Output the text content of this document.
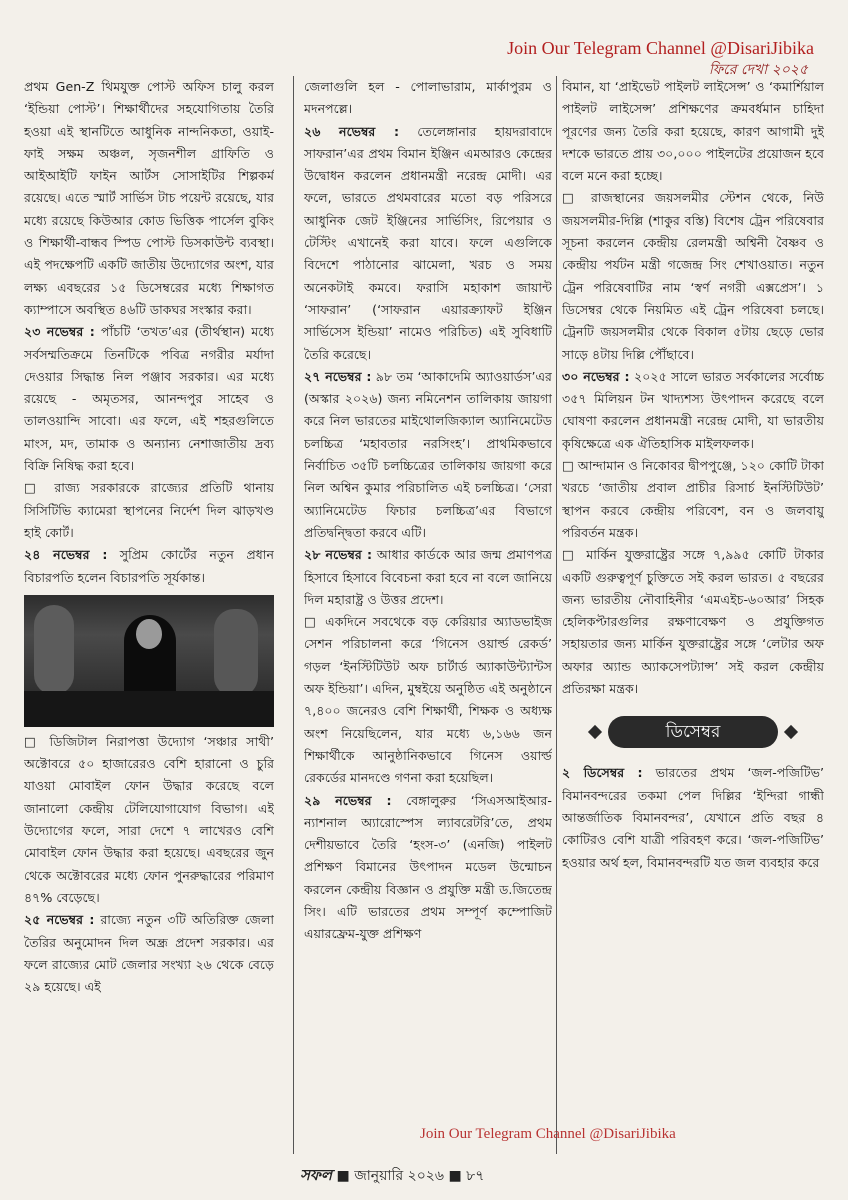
Join Our Telegram Channel @DisariJibika
ফিরে দেখা ২০২৫

প্রথম Gen-Z থিমযুক্ত পোস্ট অফিস চালু করল ‘ইন্ডিয়া পোস্ট’। শিক্ষার্থীদের সহযোগিতায় তৈরি হওয়া এই স্থানটিতে আধুনিক নান্দনিকতা, ওয়াই-ফাই সক্ষম অঞ্চল, সৃজনশীল গ্রাফিতি ও আইআইটি ফাইন আর্টস সোসাইটির শিল্পকর্ম রয়েছে। এতে স্মার্ট সার্ভিস টাচ পয়েন্ট রয়েছে, যার মধ্যে রয়েছে কিউআর কোড ভিত্তিক পার্সেল বুকিং ও শিক্ষার্থী-বান্ধব স্পিড পোস্ট ডিসকাউন্ট ব্যবস্থা। এই পদক্ষেপটি একটি জাতীয় উদ্যোগের অংশ, যার লক্ষ্য এবছরের ১৫ ডিসেম্বরের মধ্যে শিক্ষাগত ক্যাম্পাসে অবস্থিত ৪৬টি ডাকঘর সংস্কার করা।

২৩ নভেম্বর : পাঁচটি ‘তখত’এর (তীর্থস্থান) মধ্যে সর্বসম্মতিক্রমে তিনটিকে পবিত্র নগরীর মর্যাদা দেওয়ার সিদ্ধান্ত নিল পঞ্জাব সরকার। এর মধ্যে রয়েছে - অমৃতসর, আনন্দপুর সাহেব ও তালওয়ান্দি সাবো। এর ফলে, এই শহরগুলিতে মাংস, মদ, তামাক ও অন্যান্য নেশাজাতীয় দ্রব্য বিক্রি নিষিদ্ধ করা হবে।

□ রাজ্য সরকারকে রাজ্যের প্রতিটি থানায় সিসিটিভি ক্যামেরা স্থাপনের নির্দেশ দিল ঝাড়খণ্ড হাই কোর্ট।

২৪ নভেম্বর : সুপ্রিম কোর্টের নতুন প্রধান বিচারপতি হলেন বিচারপতি সূর্যকান্ত।

□ ডিজিটাল নিরাপত্তা উদ্যোগ ‘সঞ্চার সাথী’ অক্টোবরে ৫০ হাজারেরও বেশি হারানো ও চুরি যাওয়া মোবাইল ফোন উদ্ধার করেছে বলে জানালো কেন্দ্রীয় টেলিযোগাযোগ বিভাগ। এই উদ্যোগের ফলে, সারা দেশে ৭ লাখেরও বেশি মোবাইল ফোন উদ্ধার করা হয়েছে। এবছরের জুন থেকে অক্টোবরের মধ্যে ফোন পুনরুদ্ধারের পরিমাণ ৪৭% বেড়েছে।

২৫ নভেম্বর : রাজ্যে নতুন ৩টি অতিরিক্ত জেলা তৈরির অনুমোদন দিল অন্ধ্র প্রদেশ সরকার। এর ফলে রাজ্যের মোট জেলার সংখ্যা ২৬ থেকে বেড়ে ২৯ হয়েছে। এই

জেলাগুলি হল - পোলাভারাম, মার্কাপুরম ও মদনপল্লে।

২৬ নভেম্বর : তেলেঙ্গানার হায়দরাবাদে সাফরান’এর প্রথম বিমান ইঞ্জিন এমআরও কেন্দ্রের উদ্বোধন করলেন প্রধানমন্ত্রী নরেন্দ্র মোদী। এর ফলে, ভারতে প্রথমবারের মতো বড় পরিসরে আধুনিক জেট ইঞ্জিনের সার্ভিসিং, রিপেয়ার ও টেস্টিং এখানেই করা যাবে। ফলে এগুলিকে বিদেশে পাঠানোর ঝামেলা, খরচ ও সময় অনেকটাই কমবে। ফরাসি মহাকাশ জায়ান্ট ‘সাফরান’ (‘সাফরান এয়ারক্র্যাফট ইঞ্জিন সার্ভিসেস ইন্ডিয়া’ নামেও পরিচিত) এই সুবিধাটি তৈরি করেছে।

২৭ নভেম্বর : ৯৮ তম ‘আকাদেমি অ্যাওয়ার্ডস’এর (অস্কার ২০২৬) জন্য নমিনেশন তালিকায় জায়গা করে নিল ভারতের মাইথোলজিক্যাল অ্যানিমেটেড চলচ্চিত্র ‘মহাবতার নরসিংহ’। প্রাথমিকভাবে নির্বাচিত ৩৫টি চলচ্চিত্রের তালিকায় জায়গা করে নিল অশ্বিন কুমার পরিচালিত এই চলচ্চিত্র। ‘সেরা অ্যানিমেটেড ফিচার চলচ্চিত্র’এর বিভাগে প্রতিদ্বন্দ্বিতা করবে এটি।

২৮ নভেম্বর : আধার কার্ডকে আর জন্ম প্রমাণপত্র হিসাবে হিসাবে বিবেচনা করা হবে না বলে জানিয়ে দিল মহারাষ্ট্র ও উত্তর প্রদেশ।

□ একদিনে সবথেকে বড় কেরিয়ার অ্যাডভাইজ সেশন পরিচালনা করে ‘গিনেস ওয়ার্ল্ড রেকর্ড’ গড়ল ‘ইনস্টিটিউট অফ চার্টার্ড অ্যাকাউন্ট্যান্টস অফ ইন্ডিয়া’। এদিন, মুম্বইয়ে অনুষ্ঠিত এই অনুষ্ঠানে ৭,৪০০ জনেরও বেশি শিক্ষার্থী, শিক্ষক ও অধ্যক্ষ অংশ নিয়েছিলেন, যার মধ্যে ৬,১৬৬ জন শিক্ষার্থীকে আনুষ্ঠানিকভাবে গিনেস ওয়ার্ল্ড রেকর্ডের মানদণ্ডে গণনা করা হয়েছিল।

২৯ নভেম্বর : বেঙ্গালুরুর ‘সিএসআইআর-ন্যাশনাল অ্যারোস্পেস ল্যাবরেটরি’তে, প্রথম দেশীয়ভাবে তৈরি ‘হংস-৩’ (এনজি) পাইলট প্রশিক্ষণ বিমানের উৎপাদন মডেল উন্মোচন করলেন কেন্দ্রীয় বিজ্ঞান ও প্রযুক্তি মন্ত্রী ড.জিতেন্দ্র সিং। এটি ভারতের প্রথম সম্পূর্ণ কম্পোজিট এয়ারফ্রেম-যুক্ত প্রশিক্ষণ

বিমান, যা ‘প্রাইভেট পাইলট লাইসেন্স’ ও ‘কমার্শিয়াল পাইলট লাইসেন্স’ প্রশিক্ষণের ক্রমবর্ধমান চাহিদা পূরণের জন্য তৈরি করা হয়েছে, কারণ আগামী দুই দশকে ভারতে প্রায় ৩০,০০০ পাইলটের প্রয়োজন হবে বলে মনে করা হচ্ছে।

□ রাজস্থানের জয়সলমীর স্টেশন থেকে, নিউ জয়সলমীর-দিল্লি (শাকুর বস্তি) বিশেষ ট্রেন পরিষেবার সূচনা করলেন কেন্দ্রীয় রেলমন্ত্রী অশ্বিনী বৈষ্ণব ও কেন্দ্রীয় পর্যটন মন্ত্রী গজেন্দ্র সিং শেখাওয়াত। নতুন ট্রেন পরিষেবাটির নাম ‘স্বর্ণ নগরী এক্সপ্রেস’। ১ ডিসেম্বর থেকে নিয়মিত এই ট্রেন পরিষেবা চলছে। ট্রেনটি জয়সলমীর থেকে বিকাল ৫টায় ছেড়ে ভোর সাড়ে ৪টায় দিল্লি পৌঁছাবে।

৩০ নভেম্বর : ২০২৫ সালে ভারত সর্বকালের সর্বোচ্চ ৩৫৭ মিলিয়ন টন খাদ্যশস্য উৎপাদন করেছে বলে ঘোষণা করলেন প্রধানমন্ত্রী নরেন্দ্র মোদী, যা ভারতীয় কৃষিক্ষেত্রে এক ঐতিহাসিক মাইলফলক।

□ আন্দামান ও নিকোবর দ্বীপপুঞ্জে, ১২০ কোটি টাকা খরচে ‘জাতীয় প্রবাল প্রাচীর রিসার্চ ইনস্টিটিউট’ স্থাপন করবে কেন্দ্রীয় পরিবেশ, বন ও জলবায়ু পরিবর্তন মন্ত্রক।

□ মার্কিন যুক্তরাষ্ট্রের সঙ্গে ৭,৯৯৫ কোটি টাকার একটি গুরুত্বপূর্ণ চুক্তিতে সই করল ভারত। ৫ বছরের জন্য ভারতীয় নৌবাহিনীর ‘এমএইচ-৬০আর’ সিহক হেলিকপ্টারগুলির রক্ষণাবেক্ষণ ও প্রযুক্তিগত সহায়তার জন্য মার্কিন যুক্তরাষ্ট্রের সঙ্গে ‘লেটার অফ অফার অ্যান্ড অ্যাকসেপট্যান্স’ সই করল কেন্দ্রীয় প্রতিরক্ষা মন্ত্রক।

ডিসেম্বর

২ ডিসেম্বর : ভারতের প্রথম ‘জল-পজিটিভ’ বিমানবন্দরের তকমা পেল দিল্লির ‘ইন্দিরা গান্ধী আন্তর্জাতিক বিমানবন্দর’, যেখানে প্রতি বছর ৪ কোটিরও বেশি যাত্রী পরিবহণ করে। ‘জল-পজিটিভ’ হওয়ার অর্থ হল, বিমানবন্দরটি যত জল ব্যবহার করে

Join Our Telegram Channel @DisariJibika
সফল ■ জানুয়ারি ২০২৬ ■ ৮৭
